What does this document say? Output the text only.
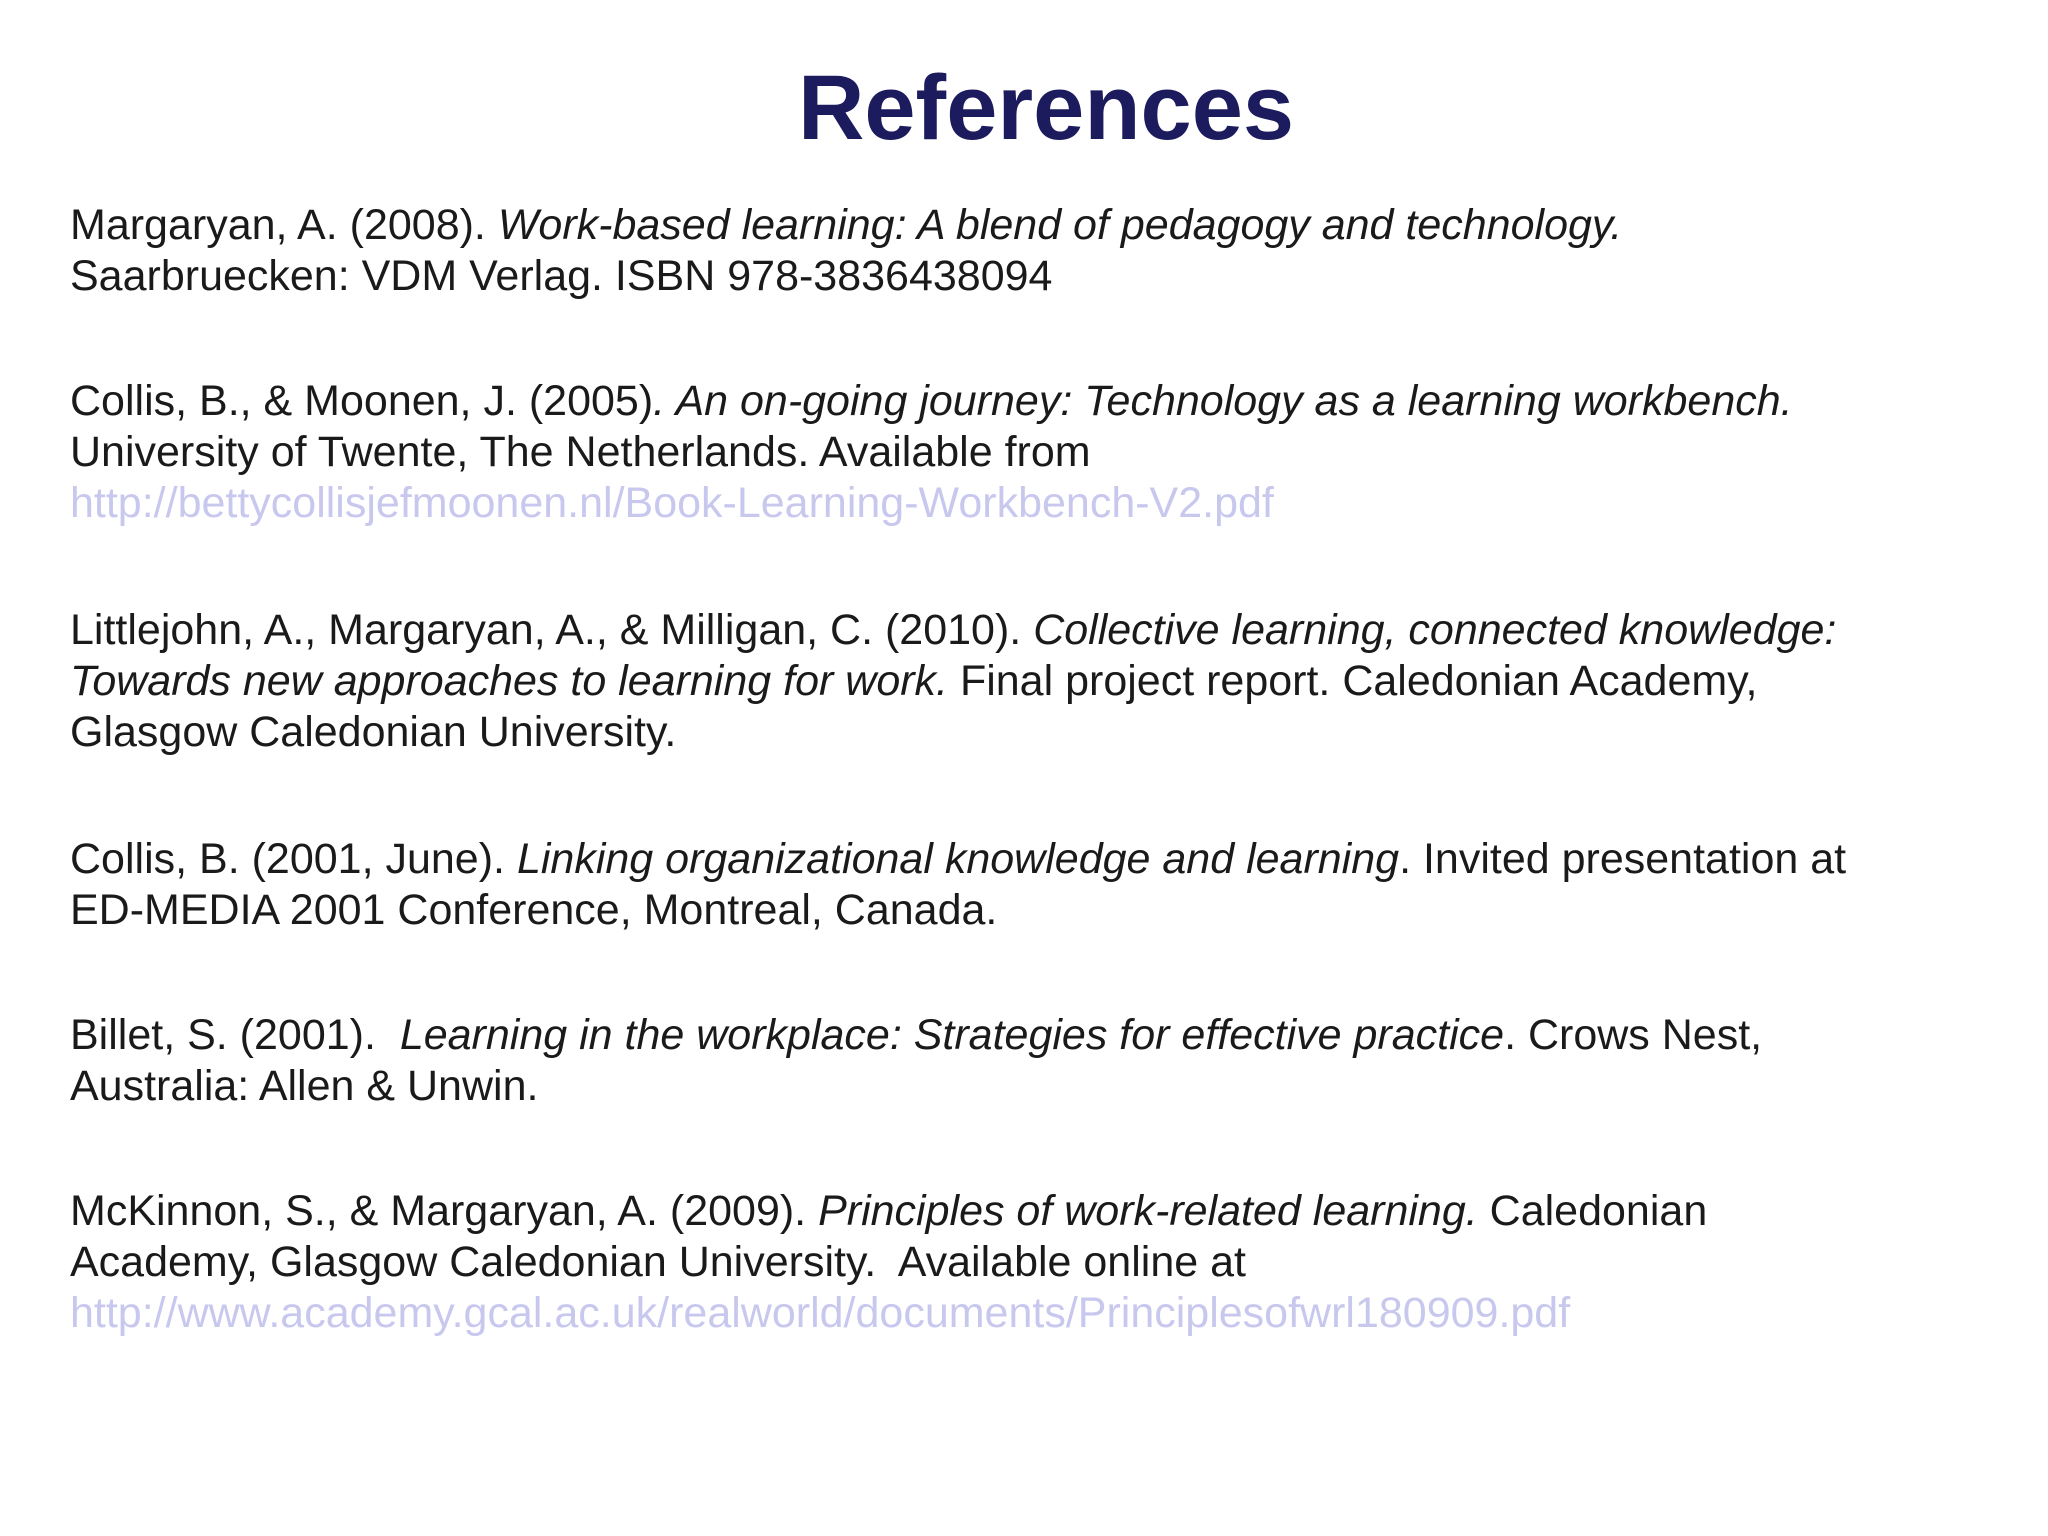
References

Margaryan, A. (2008). Work-based learning: A blend of pedagogy and technology.
Saarbruecken: VDM Verlag. ISBN 978-3836438094

Collis, B., & Moonen, J. (2005). An on-going journey: Technology as a learning workbench.
University of Twente, The Netherlands. Available from
http://bettycollisjefmoonen.nl/Book-Learning-Workbench-V2.pdf

Littlejohn, A., Margaryan, A., & Milligan, C. (2010). Collective learning, connected knowledge:
Towards new approaches to learning for work. Final project report. Caledonian Academy,
Glasgow Caledonian University.

Collis, B. (2001, June). Linking organizational knowledge and learning. Invited presentation at
ED-MEDIA 2001 Conference, Montreal, Canada.

Billet, S. (2001).  Learning in the workplace: Strategies for effective practice. Crows Nest,
Australia: Allen & Unwin.

McKinnon, S., & Margaryan, A. (2009). Principles of work-related learning. Caledonian
Academy, Glasgow Caledonian University.  Available online at
http://www.academy.gcal.ac.uk/realworld/documents/Principlesofwrl180909.pdf
